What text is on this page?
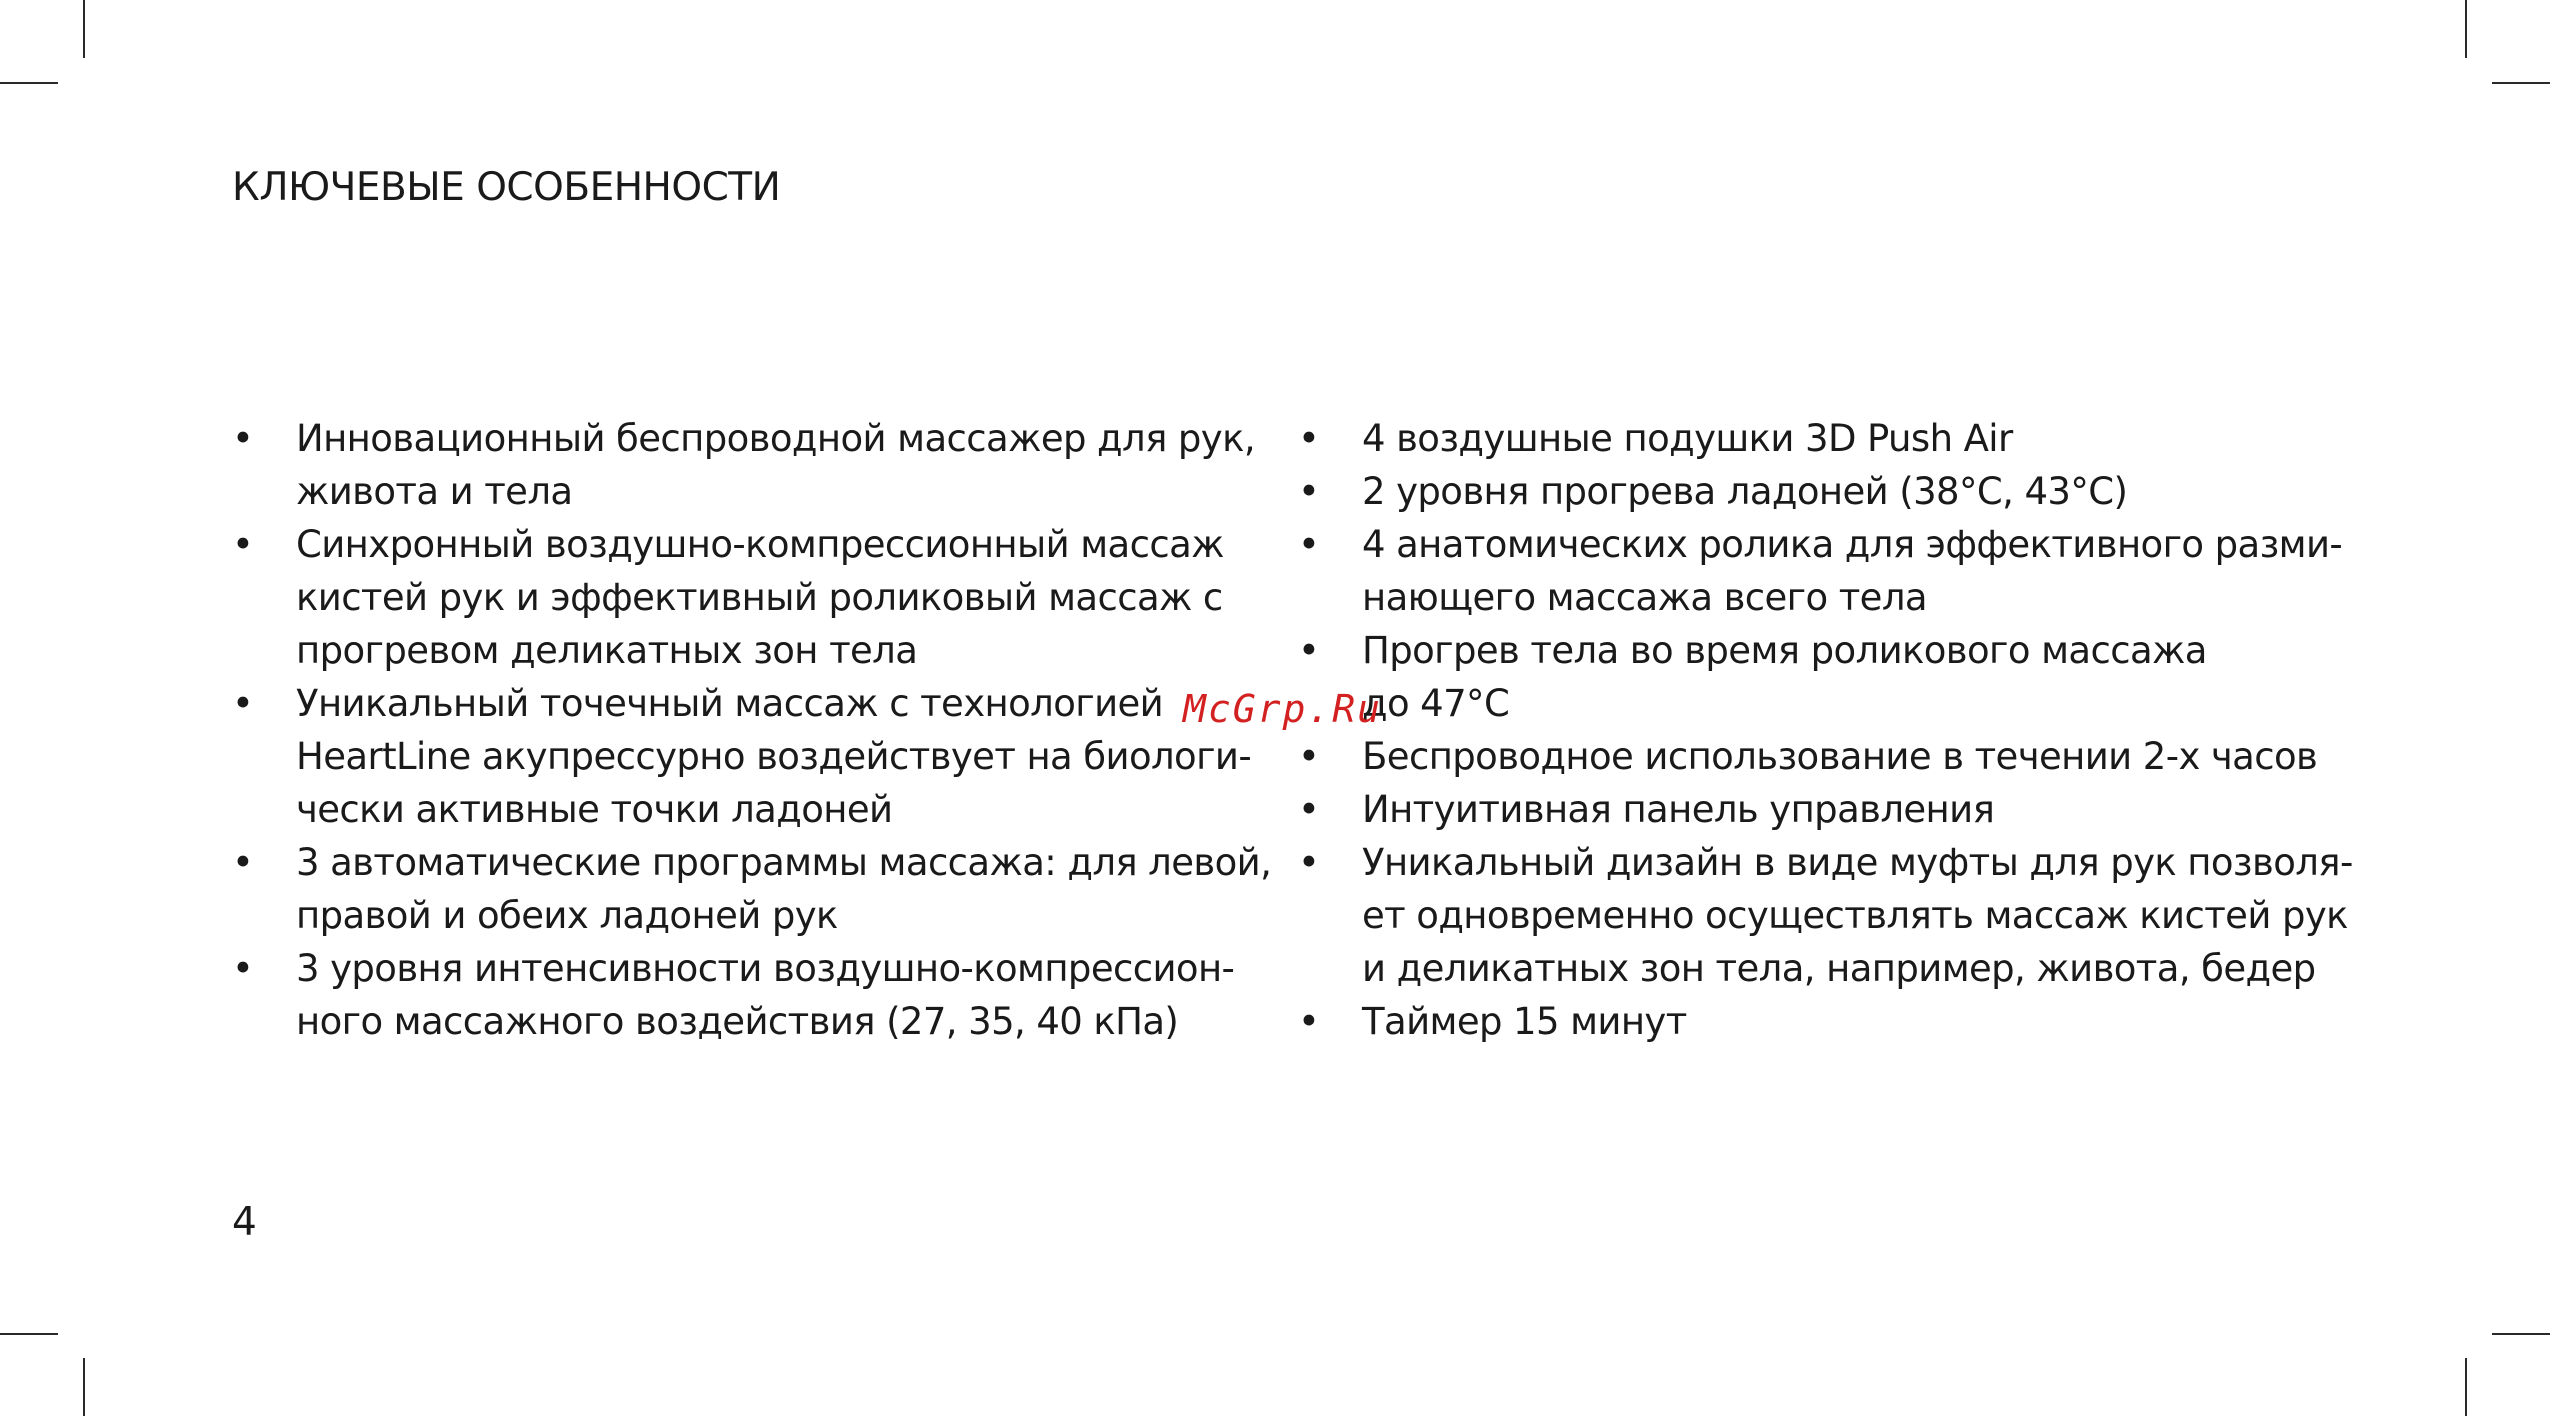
КЛЮЧЕВЫЕ ОСОБЕННОСТИ
• Инновационный беспроводной массажер для рук,
живота и тела
• Синхронный воздушно-компрессионный массаж
кистей рук и эффективный роликовый массаж с
прогревом деликатных зон тела
• Уникальный точечный массаж с технологией
HeartLine акупрессурно воздействует на биологи-
чески активные точки ладоней
• 3 автоматические программы массажа: для левой,
правой и обеих ладоней рук
• 3 уровня интенсивности воздушно-компрессион-
ного массажного воздействия (27, 35, 40 кПа)
• 4 воздушные подушки 3D Push Air
• 2 уровня прогрева ладоней (38°C, 43°C)
• 4 анатомических ролика для эффективного разми-
нающего массажа всего тела
• Прогрев тела во время роликового массажа
до 47°C
• Беспроводное использование в течении 2-х часов
• Интуитивная панель управления
• Уникальный дизайн в виде муфты для рук позволя-
ет одновременно осуществлять массаж кистей рук
и деликатных зон тела, например, живота, бедер
• Таймер 15 минут
McGrp.Ru
4
